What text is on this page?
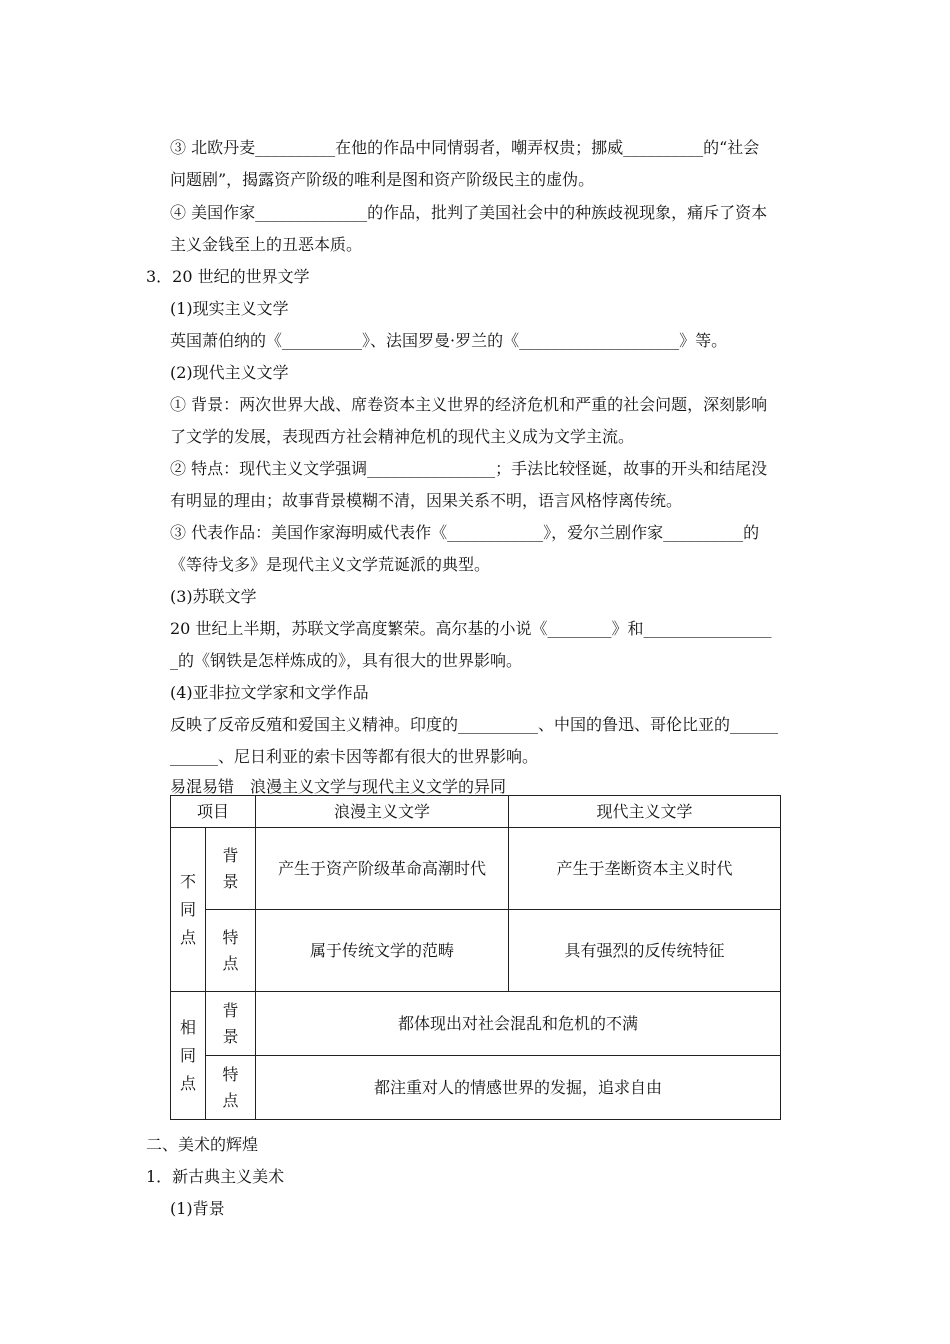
③ 北欧丹麦__________在他的作品中同情弱者，嘲弄权贵；挪威__________的“社会
问题剧”，揭露资产阶级的唯利是图和资产阶级民主的虚伪。
④ 美国作家______________的作品，批判了美国社会中的种族歧视现象，痛斥了资本
主义金钱至上的丑恶本质。
3．20 世纪的世界文学
(1)现实主义文学
英国萧伯纳的《__________》、法国罗曼·罗兰的《____________________》等。
(2)现代主义文学
① 背景：两次世界大战、席卷资本主义世界的经济危机和严重的社会问题，深刻影响
了文学的发展，表现西方社会精神危机的现代主义成为文学主流。
② 特点：现代主义文学强调________________；手法比较怪诞，故事的开头和结尾没
有明显的理由；故事背景模糊不清，因果关系不明，语言风格悖离传统。
③ 代表作品：美国作家海明威代表作《____________》，爱尔兰剧作家__________的
《等待戈多》是现代主义文学荒诞派的典型。
(3)苏联文学
20 世纪上半期，苏联文学高度繁荣。高尔基的小说《________》和________________
_的《钢铁是怎样炼成的》，具有很大的世界影响。
(4)亚非拉文学家和文学作品
反映了反帝反殖和爱国主义精神。印度的__________、中国的鲁迅、哥伦比亚的______
______、尼日利亚的索卡因等都有很大的世界影响。
易混易错　浪漫主义文学与现代主义文学的异同
项目		浪漫主义文学	现代主义文学
不同点	背景	产生于资产阶级革命高潮时代	产生于垄断资本主义时代
	特点	属于传统文学的范畴	具有强烈的反传统特征
相同点	背景	都体现出对社会混乱和危机的不满	
	特点	都注重对人的情感世界的发掘，追求自由	
二、美术的辉煌
1．新古典主义美术
(1)背景
